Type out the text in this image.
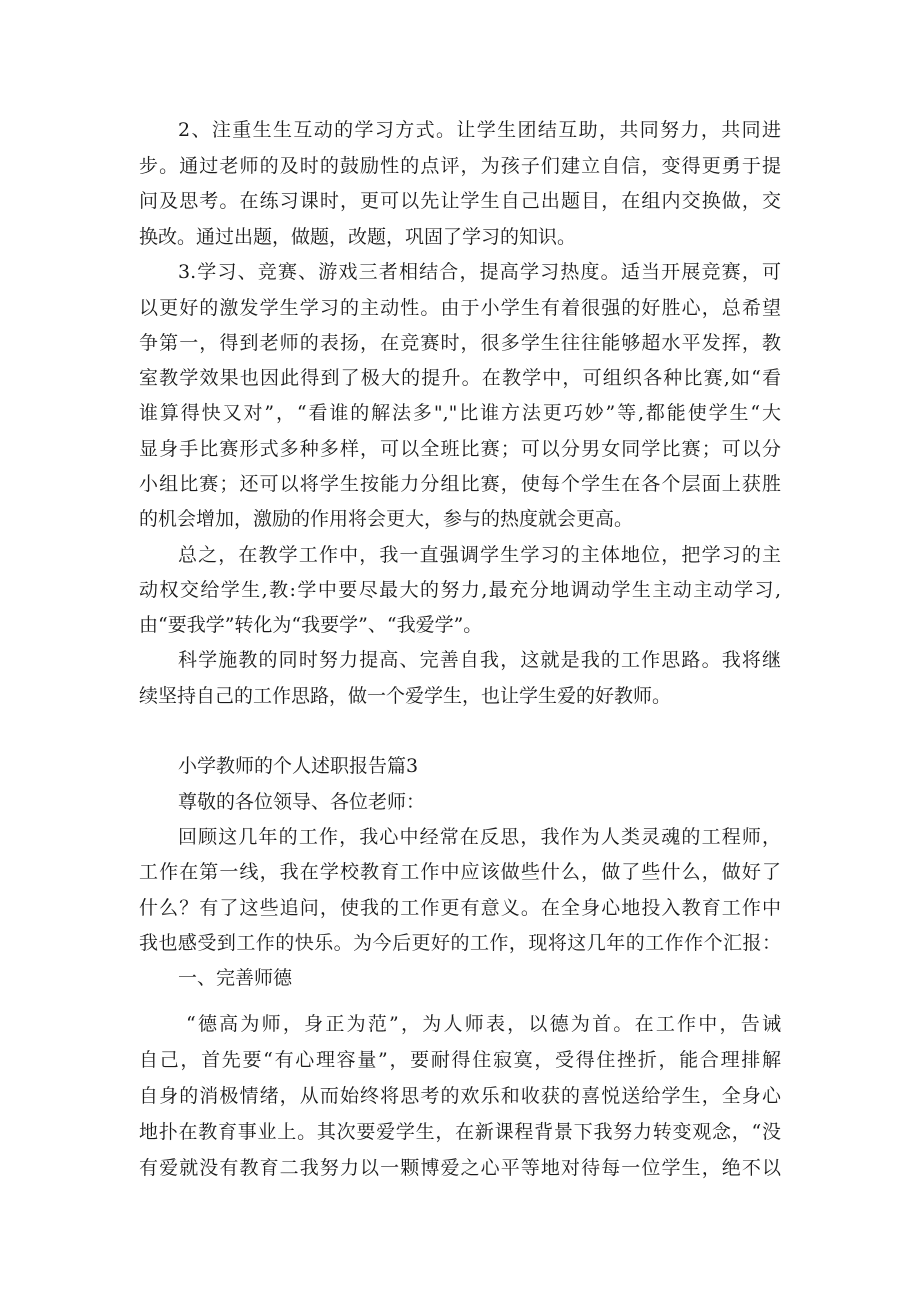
2、注重生生互动的学习方式。让学生团结互助，共同努力，共同进
步。通过老师的及时的鼓励性的点评，为孩子们建立自信，变得更勇于提
问及思考。在练习课时，更可以先让学生自己出题目，在组内交换做，交
换改。通过出题，做题，改题，巩固了学习的知识。
3.学习、竞赛、游戏三者相结合，提高学习热度。适当开展竞赛，可
以更好的激发学生学习的主动性。由于小学生有着很强的好胜心，总希望
争第一，得到老师的表扬，在竞赛时，很多学生往往能够超水平发挥，教
室教学效果也因此得到了极大的提升。在教学中，可组织各种比赛,如“看
谁算得快又对”，“看谁的解法多","比谁方法更巧妙”等,都能使学生“大
显身手比赛形式多种多样，可以全班比赛；可以分男女同学比赛；可以分
小组比赛；还可以将学生按能力分组比赛，使每个学生在各个层面上获胜
的机会增加，激励的作用将会更大，参与的热度就会更高。
总之，在教学工作中，我一直强调学生学习的主体地位，把学习的主
动权交给学生,教:学中要尽最大的努力,最充分地调动学生主动主动学习,
由“要我学”转化为“我要学”、“我爱学”。
科学施教的同时努力提高、完善自我，这就是我的工作思路。我将继
续坚持自己的工作思路，做一个爱学生，也让学生爱的好教师。
小学教师的个人述职报告篇3
尊敬的各位领导、各位老师：
回顾这几年的工作，我心中经常在反思，我作为人类灵魂的工程师，
工作在第一线，我在学校教育工作中应该做些什么，做了些什么，做好了
什么？有了这些追问，使我的工作更有意义。在全身心地投入教育工作中
我也感受到工作的快乐。为今后更好的工作，现将这几年的工作作个汇报：
一、完善师德
“德高为师，身正为范”，为人师表，以德为首。在工作中，告诫
自己，首先要“有心理容量”，要耐得住寂寞，受得住挫折，能合理排解
自身的消极情绪，从而始终将思考的欢乐和收获的喜悦送给学生，全身心
地扑在教育事业上。其次要爱学生，在新课程背景下我努力转变观念，“没
有爱就没有教育二我努力以一颗博爱之心平等地对待每一位学生，绝不以
